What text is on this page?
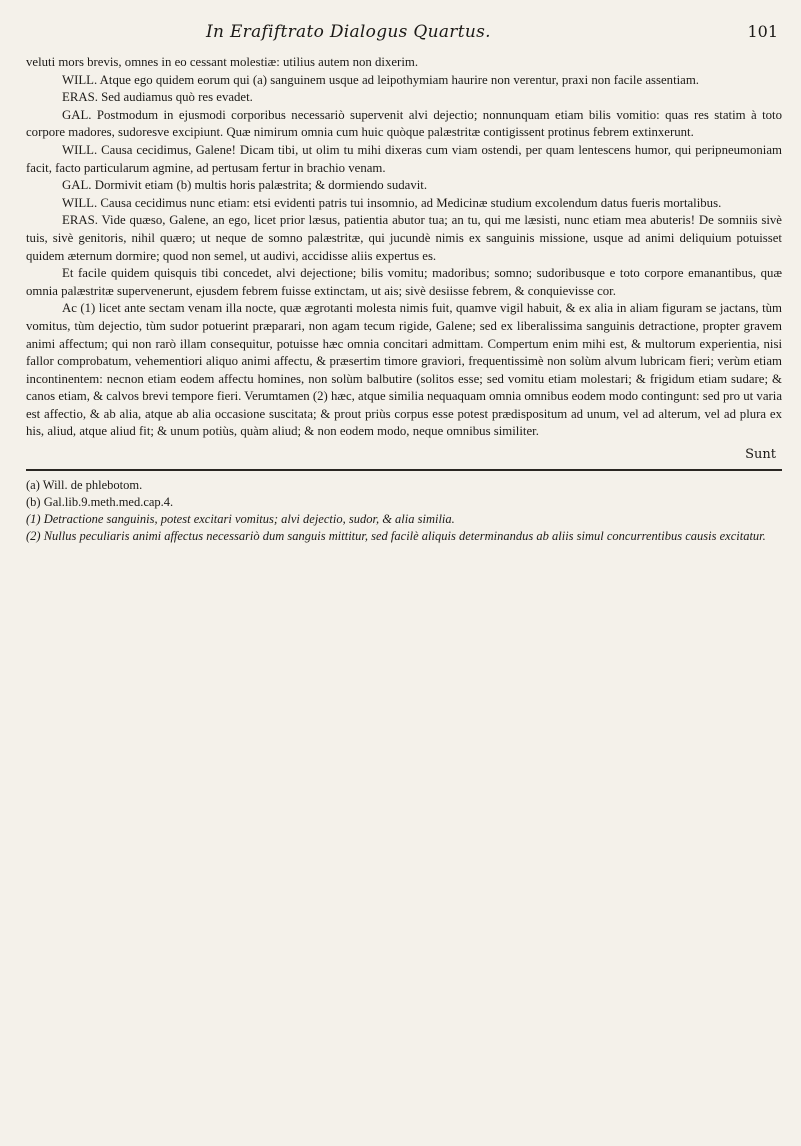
In Erafiftrato Dialogus Quartus.	101

veluti mors brevis, omnes in eo cessant molestiæ: utilius autem non dixerim.

WILL. Atque ego quidem eorum qui (a) sanguinem usque ad leipothymiam haurire non verentur, praxi non facile assentiam.

ERAS. Sed audiamus quò res evadet.

GAL. Postmodum in ejusmodi corporibus necessariò supervenit alvi dejectio; nonnunquam etiam bilis vomitio: quas res statim à toto corpore madores, sudoresve excipiunt. Quæ nimirum omnia cum huic quòque palæstritæ contigissent protinus febrem extinxerunt.

WILL. Causa cecidimus, Galene! Dicam tibi, ut olim tu mihi dixeras cum viam ostendi, per quam lentescens humor, qui peripneumoniam facit, facto particularum agmine, ad pertusam fertur in brachio venam.

GAL. Dormivit etiam (b) multis horis palæstrita; & dormiendo sudavit.

WILL. Causa cecidimus nunc etiam: etsi evidenti patris tui insomnio, ad Medicinæ studium excolendum datus fueris mortalibus.

ERAS. Vide quæso, Galene, an ego, licet prior læsus, patientia abutor tua; an tu, qui me læsisti, nunc etiam mea abuteris! De somniis sivè tuis, sivè genitoris, nihil quæro; ut neque de somno palæstritæ, qui jucundè nimis ex sanguinis missione, usque ad animi deliquium potuisset quidem æternum dormire; quod non semel, ut audivi, accidisse aliis expertus es.

Et facile quidem quisquis tibi concedet, alvi dejectione; bilis vomitu; madoribus; somno; sudoribusque e toto corpore emanantibus, quæ omnia palæstritæ supervenerunt, ejusdem febrem fuisse extinctam, ut ais; sivè desiisse febrem, & conquievisse cor.

Ac (1) licet ante sectam venam illa nocte, quæ ægrotanti molesta nimis fuit, quamve vigil habuit, & ex alia in aliam figuram se jactans, tùm vomitus, tùm dejectio, tùm sudor potuerint præparari, non agam tecum rigide, Galene; sed ex liberalissima sanguinis detractione, propter gravem animi affectum; qui non rarò illam consequitur, potuisse hæc omnia concitari admittam. Compertum enim mihi est, & multorum experientia, nisi fallor comprobatum, vehementiori aliquo animi affectu, & præsertim timore graviori, frequentissimè non solùm alvum lubricam fieri; verùm etiam incontinentem: necnon etiam eodem affectu homines, non solùm balbutire (solitos esse; sed vomitu etiam molestari; & frigidum etiam sudare; & canos etiam, & calvos brevi tempore fieri. Verumtamen (2) hæc, atque similia nequaquam omnia omnibus eodem modo contingunt: sed pro ut varia est affectio, & ab alia, atque ab alia occasione suscitata; & prout priùs corpus esse potest prædispositum ad unum, vel ad alterum, vel ad plura ex his, aliud, atque aliud fit; & unum potiùs, quàm aliud; & non eodem modo, neque omnibus similiter.

Sunt
(a) Will. de phlebotom.
(b) Gal.lib.9.meth.med.cap.4.
(1) Detractione sanguinis, potest excitari vomitus; alvi dejectio, sudor, & alia similia.
(2) Nullus peculiaris animi affectus necessariò dum sanguis mittitur, sed facilè aliquis determinandus ab aliis simul concurrentibus causis excitatur.
